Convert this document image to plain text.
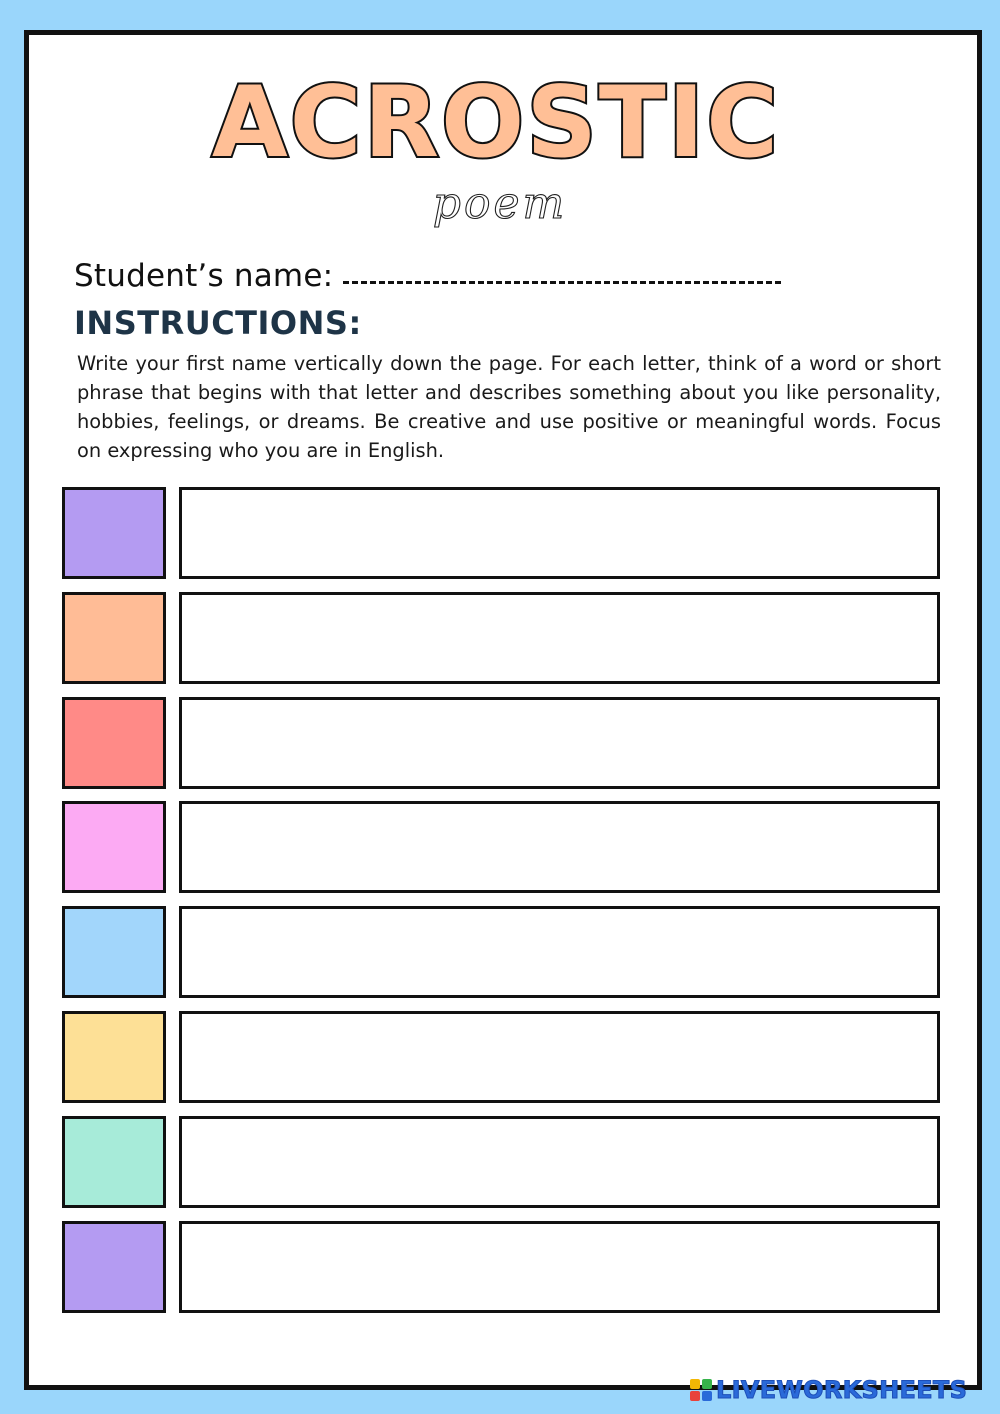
ACROSTIC
poem
Student’s name:
INSTRUCTIONS:
Write your first name vertically down the page. For each letter, think of a word or short phrase that begins with that letter and describes something about you like personality, hobbies, feelings, or dreams. Be creative and use positive or meaningful words. Focus on expressing who you are in English.
LIVEWORKSHEETS
